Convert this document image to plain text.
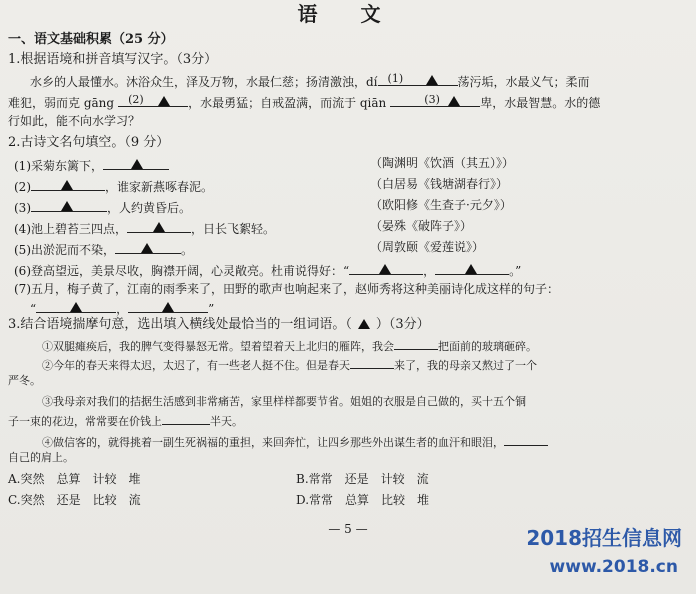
语 文
一、语文基础积累（25 分）
1.根据语境和拼音填写汉字。（3分）
水乡的人最懂水。沐浴众生，泽及万物，水最仁慈；扬清激浊，dí (1)	荡污垢，水最义气；柔而
难犯，弱而克 gāng (2)	，水最勇猛；自戒盈满，而流于 qiān	(3)	卑，水最智慧。水的德
行如此，能不向水学习？
2.古诗文名句填空。（9 分）
(1)采菊东篱下，	（陶渊明《饮酒（其五）》）
(2)	，谁家新燕啄春泥。	（白居易《钱塘湖春行》）
(3)	，人约黄昏后。	（欧阳修《生查子·元夕》）
(4)池上碧苔三四点，	，日长飞絮轻。	（晏殊《破阵子》）
(5)出淤泥而不染，	。	（周敦颐《爱莲说》）
(6)登高望远，美景尽收，胸襟开阔，心灵敞亮。杜甫说得好：“	，	。”
(7)五月，梅子黄了，江南的雨季来了，田野的歌声也响起来了，赵师秀将这种美丽诗化成这样的句子：
“	，	”
3.结合语境揣摩句意，选出填入横线处最恰当的一组词语。（ ）（3分）
①双腿瘫痪后，我的脾气变得暴怒无常。望着望着天上北归的雁阵，我会	把面前的玻璃砸碎。
②今年的春天来得太迟，太迟了，有一些老人挺不住。但是春天	来了，我的母亲又熬过了一个
严冬。
③我母亲对我们的拮据生活感到非常痛苦，家里样样都要节省。姐姐的衣服是自己做的，买十五个铜
子一束的花边，常常要在价钱上	半天。
④做信客的，就得挑着一副生死祸福的重担，来回奔忙，让四乡那些外出谋生者的血汗和眼泪，
自己的肩上。
A.突然　总算　计较　堆	B.常常　还是　计较　流
C.突然　还是　比较　流	D.常常　总算　比较　堆
— 5 —	2018招生信息网
www.2018.cn
